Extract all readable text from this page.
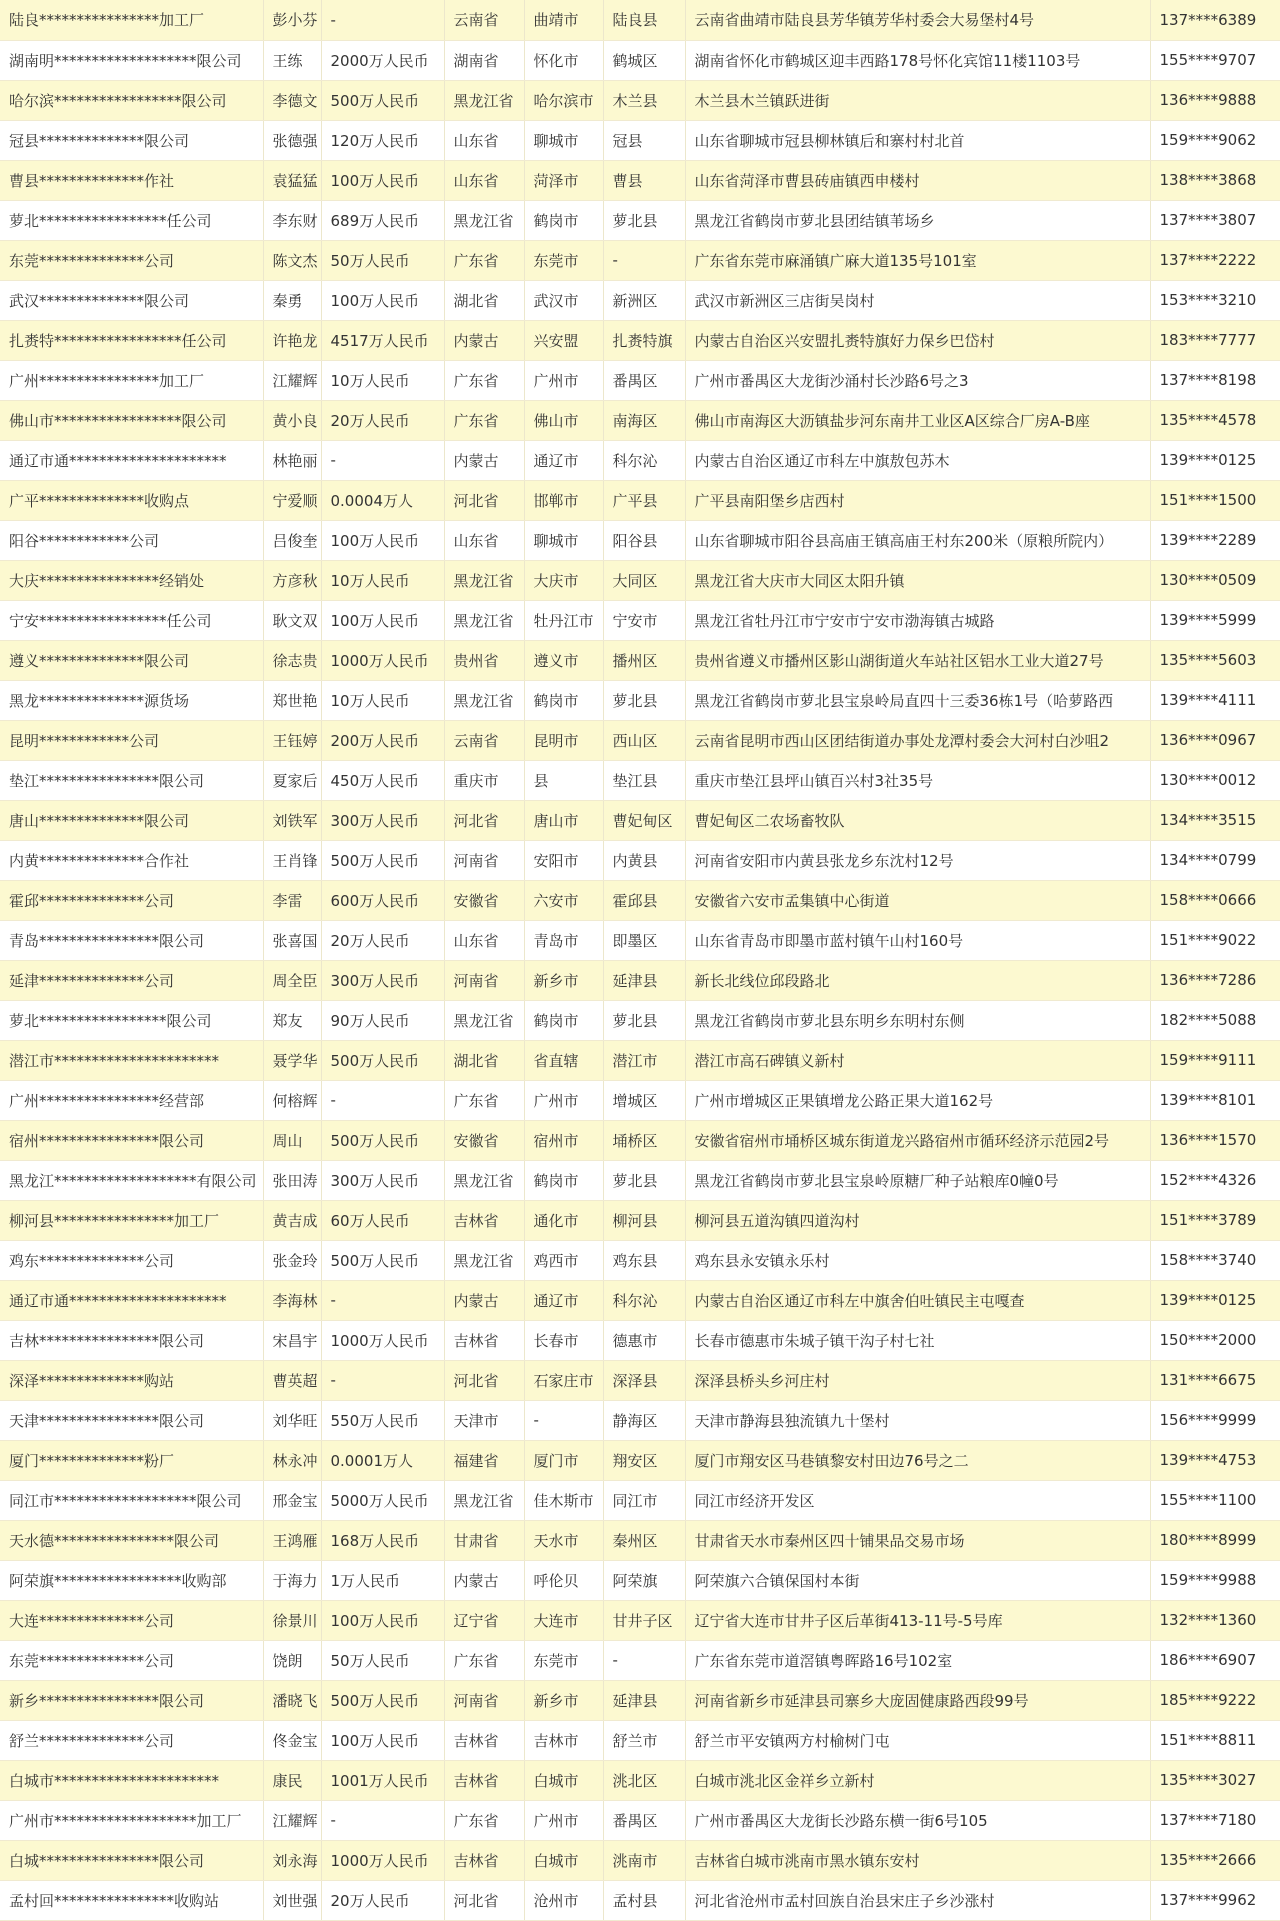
陆良****************加工厂	彭小芬	-	云南省	曲靖市	陆良县	云南省曲靖市陆良县芳华镇芳华村委会大易堡村4号	137****6389
湖南明*******************限公司	王练	2000万人民币	湖南省	怀化市	鹤城区	湖南省怀化市鹤城区迎丰西路178号怀化宾馆11楼1103号	155****9707
哈尔滨*****************限公司	李德文	500万人民币	黑龙江省	哈尔滨市	木兰县	木兰县木兰镇跃进街	136****9888
冠县**************限公司	张德强	120万人民币	山东省	聊城市	冠县	山东省聊城市冠县柳林镇后和寨村村北首	159****9062
曹县**************作社	袁猛猛	100万人民币	山东省	菏泽市	曹县	山东省菏泽市曹县砖庙镇西申楼村	138****3868
萝北*****************任公司	李东财	689万人民币	黑龙江省	鹤岗市	萝北县	黑龙江省鹤岗市萝北县团结镇苇场乡	137****3807
东莞**************公司	陈文杰	50万人民币	广东省	东莞市	-	广东省东莞市麻涌镇广麻大道135号101室	137****2222
武汉**************限公司	秦勇	100万人民币	湖北省	武汉市	新洲区	武汉市新洲区三店街吴岗村	153****3210
扎赉特*****************任公司	许艳龙	4517万人民币	内蒙古	兴安盟	扎赉特旗	内蒙古自治区兴安盟扎赉特旗好力保乡巴岱村	183****7777
广州****************加工厂	江耀辉	10万人民币	广东省	广州市	番禺区	广州市番禺区大龙街沙涌村长沙路6号之3	137****8198
佛山市*****************限公司	黄小良	20万人民币	广东省	佛山市	南海区	佛山市南海区大沥镇盐步河东南井工业区A区综合厂房A-B座	135****4578
通辽市通*********************	林艳丽	-	内蒙古	通辽市	科尔沁	内蒙古自治区通辽市科左中旗敖包苏木	139****0125
广平**************收购点	宁爱顺	0.0004万人	河北省	邯郸市	广平县	广平县南阳堡乡店西村	151****1500
阳谷************公司	吕俊奎	100万人民币	山东省	聊城市	阳谷县	山东省聊城市阳谷县高庙王镇高庙王村东200米（原粮所院内）	139****2289
大庆****************经销处	方彦秋	10万人民币	黑龙江省	大庆市	大同区	黑龙江省大庆市大同区太阳升镇	130****0509
宁安*****************任公司	耿文双	100万人民币	黑龙江省	牡丹江市	宁安市	黑龙江省牡丹江市宁安市宁安市渤海镇古城路	139****5999
遵义**************限公司	徐志贵	1000万人民币	贵州省	遵义市	播州区	贵州省遵义市播州区影山湖街道火车站社区铝水工业大道27号	135****5603
黑龙**************源货场	郑世艳	10万人民币	黑龙江省	鹤岗市	萝北县	黑龙江省鹤岗市萝北县宝泉岭局直四十三委36栋1号（哈萝路西	139****4111
昆明************公司	王钰婷	200万人民币	云南省	昆明市	西山区	云南省昆明市西山区团结街道办事处龙潭村委会大河村白沙咀2	136****0967
垫江****************限公司	夏家后	450万人民币	重庆市	县	垫江县	重庆市垫江县坪山镇百兴村3社35号	130****0012
唐山**************限公司	刘铁军	300万人民币	河北省	唐山市	曹妃甸区	曹妃甸区二农场畜牧队	134****3515
内黄**************合作社	王肖锋	500万人民币	河南省	安阳市	内黄县	河南省安阳市内黄县张龙乡东沈村12号	134****0799
霍邱**************公司	李雷	600万人民币	安徽省	六安市	霍邱县	安徽省六安市孟集镇中心街道	158****0666
青岛****************限公司	张喜国	20万人民币	山东省	青岛市	即墨区	山东省青岛市即墨市蓝村镇午山村160号	151****9022
延津**************公司	周全臣	300万人民币	河南省	新乡市	延津县	新长北线位邱段路北	136****7286
萝北*****************限公司	郑友	90万人民币	黑龙江省	鹤岗市	萝北县	黑龙江省鹤岗市萝北县东明乡东明村东侧	182****5088
潜江市**********************	聂学华	500万人民币	湖北省	省直辖	潜江市	潜江市高石碑镇义新村	159****9111
广州****************经营部	何榕辉	-	广东省	广州市	增城区	广州市增城区正果镇增龙公路正果大道162号	139****8101
宿州****************限公司	周山	500万人民币	安徽省	宿州市	埇桥区	安徽省宿州市埇桥区城东街道龙兴路宿州市循环经济示范园2号	136****1570
黑龙江*******************有限公司	张田涛	300万人民币	黑龙江省	鹤岗市	萝北县	黑龙江省鹤岗市萝北县宝泉岭原糖厂种子站粮库0幢0号	152****4326
柳河县****************加工厂	黄吉成	60万人民币	吉林省	通化市	柳河县	柳河县五道沟镇四道沟村	151****3789
鸡东**************公司	张金玲	500万人民币	黑龙江省	鸡西市	鸡东县	鸡东县永安镇永乐村	158****3740
通辽市通*********************	李海林	-	内蒙古	通辽市	科尔沁	内蒙古自治区通辽市科左中旗舍伯吐镇民主屯嘎查	139****0125
吉林****************限公司	宋昌宇	1000万人民币	吉林省	长春市	德惠市	长春市德惠市朱城子镇干沟子村七社	150****2000
深泽**************购站	曹英超	-	河北省	石家庄市	深泽县	深泽县桥头乡河庄村	131****6675
天津****************限公司	刘华旺	550万人民币	天津市	-	静海区	天津市静海县独流镇九十堡村	156****9999
厦门**************粉厂	林永冲	0.0001万人	福建省	厦门市	翔安区	厦门市翔安区马巷镇黎安村田边76号之二	139****4753
同江市*******************限公司	邢金宝	5000万人民币	黑龙江省	佳木斯市	同江市	同江市经济开发区	155****1100
天水德****************限公司	王鸿雁	168万人民币	甘肃省	天水市	秦州区	甘肃省天水市秦州区四十铺果品交易市场	180****8999
阿荣旗*****************收购部	于海力	1万人民币	内蒙古	呼伦贝	阿荣旗	阿荣旗六合镇保国村本街	159****9988
大连**************公司	徐景川	100万人民币	辽宁省	大连市	甘井子区	辽宁省大连市甘井子区后革街413-11号-5号库	132****1360
东莞**************公司	饶朗	50万人民币	广东省	东莞市	-	广东省东莞市道滘镇粤晖路16号102室	186****6907
新乡****************限公司	潘晓飞	500万人民币	河南省	新乡市	延津县	河南省新乡市延津县司寨乡大庞固健康路西段99号	185****9222
舒兰**************公司	佟金宝	100万人民币	吉林省	吉林市	舒兰市	舒兰市平安镇两方村榆树门屯	151****8811
白城市**********************	康民	1001万人民币	吉林省	白城市	洮北区	白城市洮北区金祥乡立新村	135****3027
广州市*******************加工厂	江耀辉	-	广东省	广州市	番禺区	广州市番禺区大龙街长沙路东横一街6号105	137****7180
白城****************限公司	刘永海	1000万人民币	吉林省	白城市	洮南市	吉林省白城市洮南市黑水镇东安村	135****2666
孟村回****************收购站	刘世强	20万人民币	河北省	沧州市	孟村县	河北省沧州市孟村回族自治县宋庄子乡沙涨村	137****9962
